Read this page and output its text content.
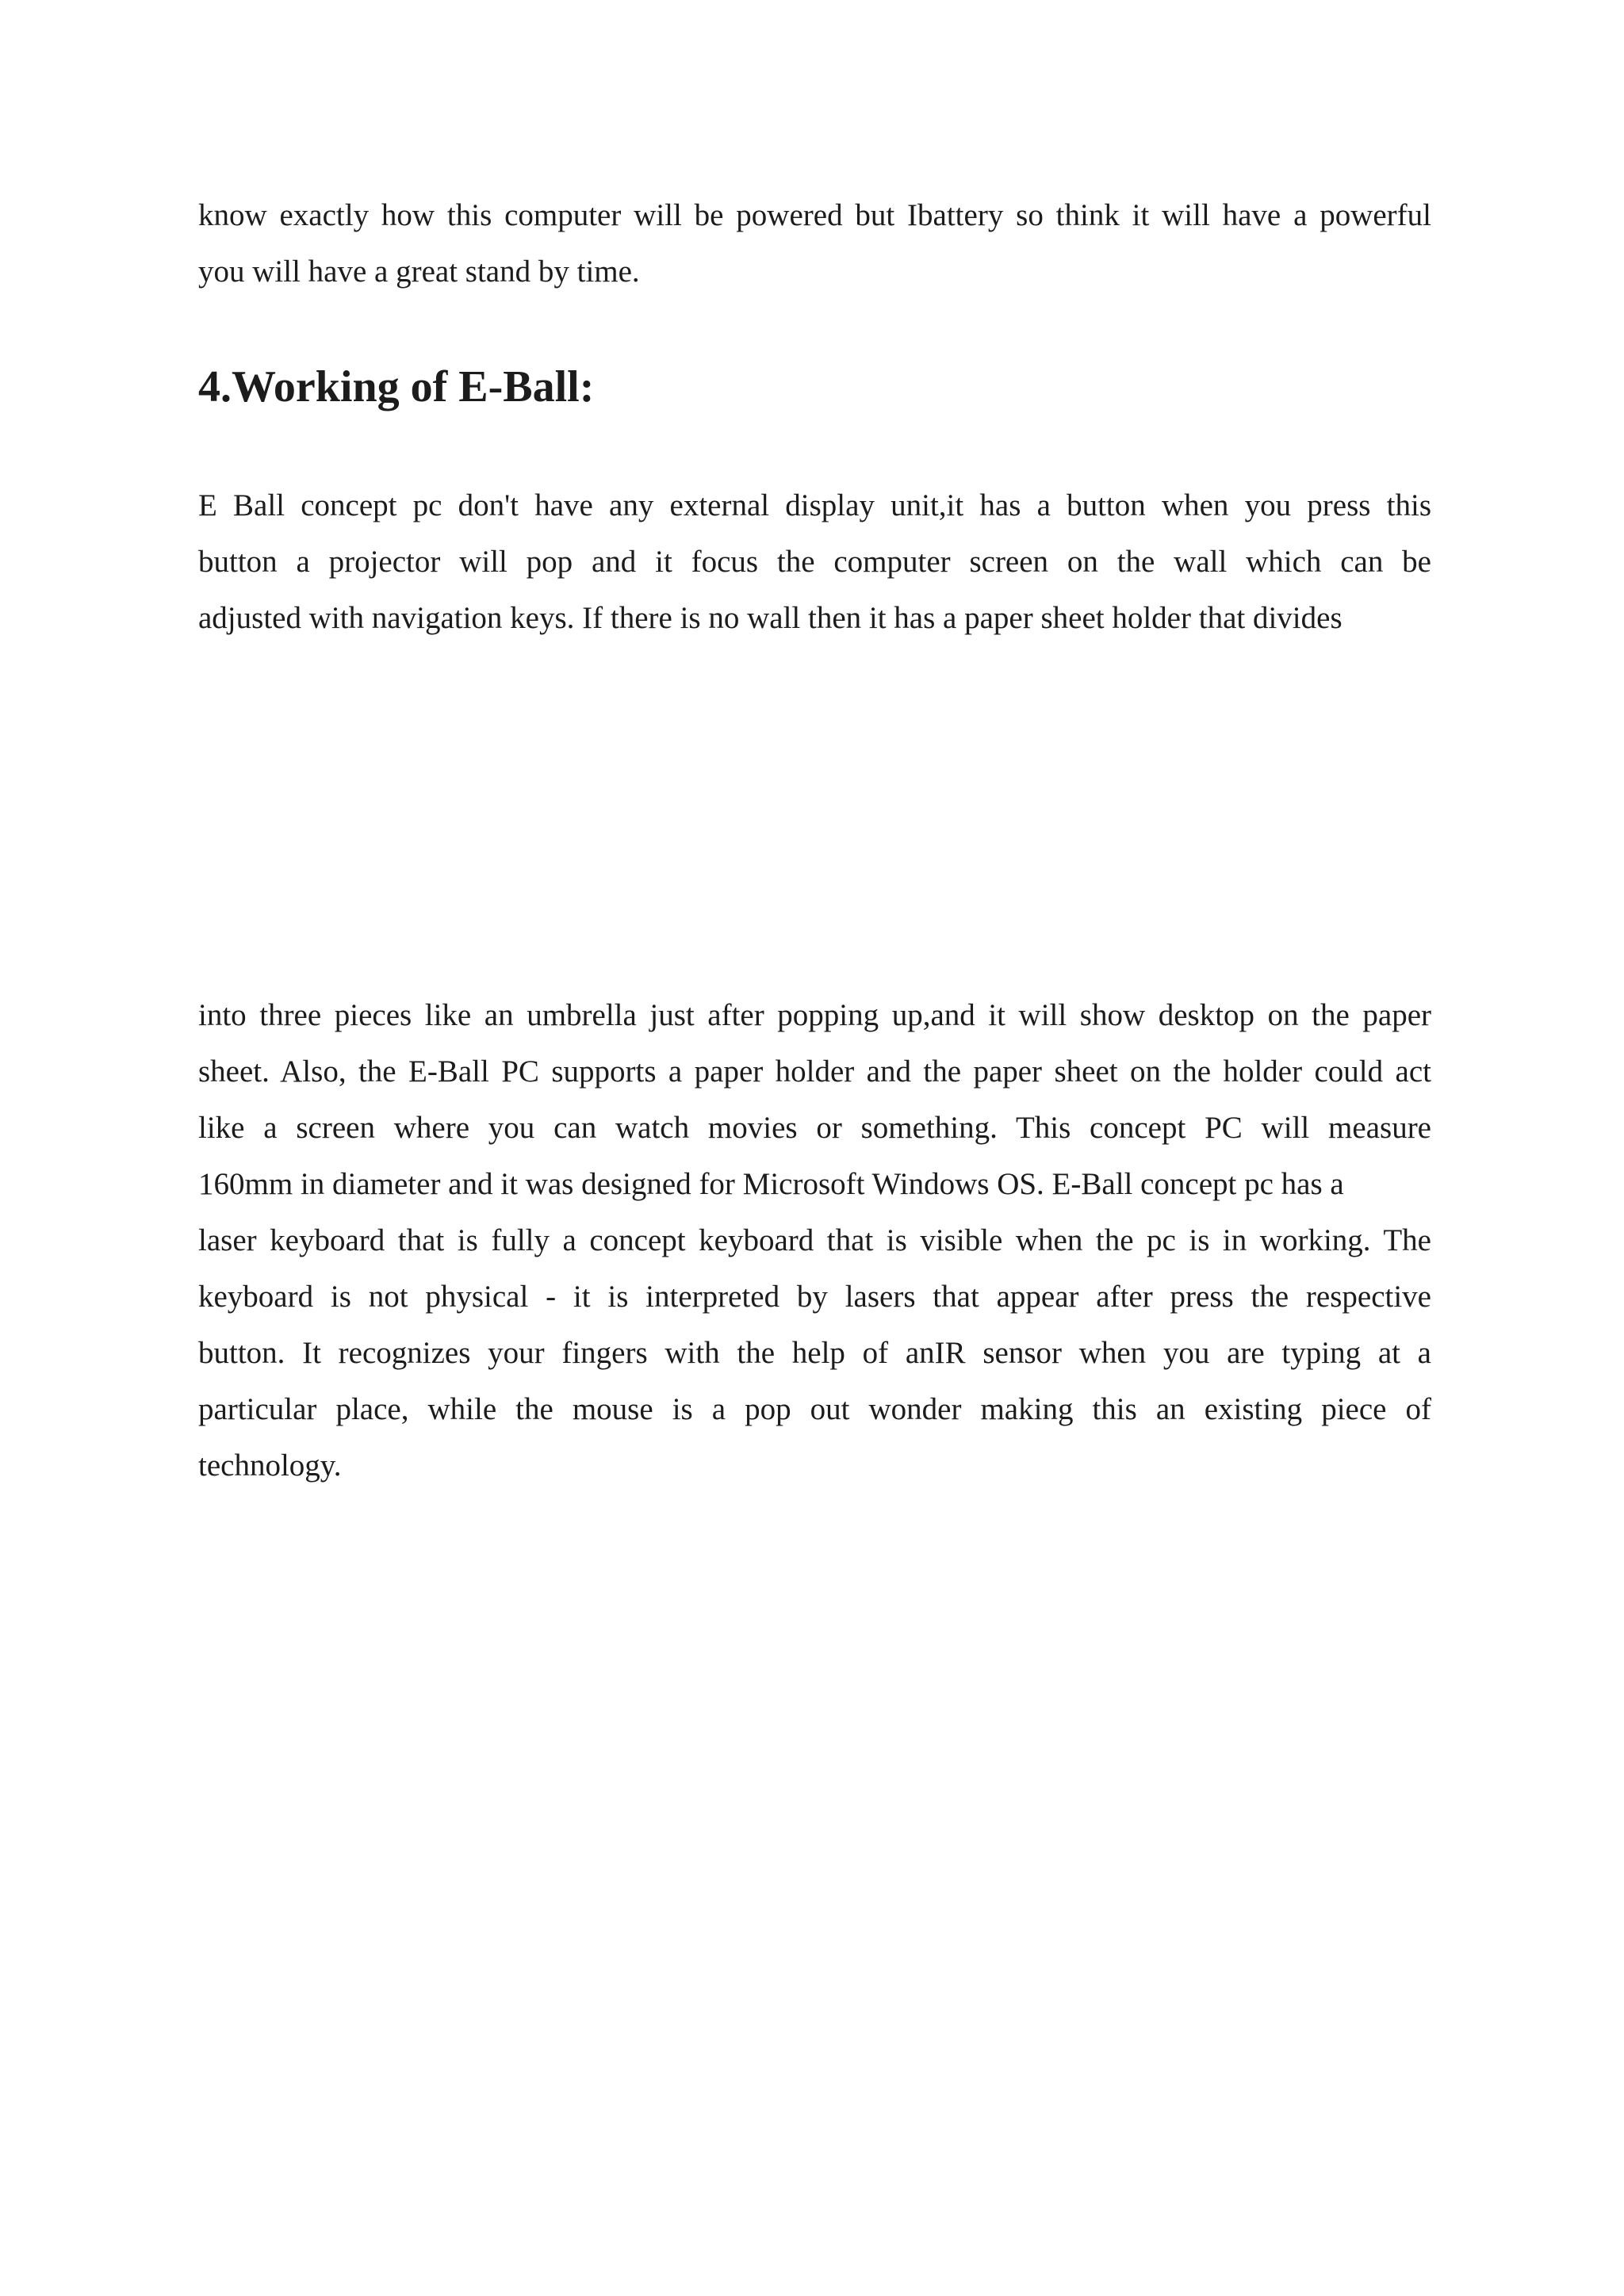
know exactly how this computer will be powered but Ibattery so think it will have a powerful
you will have a great stand by time.
4.Working of E-Ball:
E Ball concept pc don't have any external display unit,it has a button when you press this
button a projector will pop and it focus the computer screen on the wall which can be
adjusted with navigation keys. If there is no wall then it has a paper sheet holder that divides
into three pieces like an umbrella just after popping up,and it will show desktop on the paper
sheet. Also, the E-Ball PC supports a paper holder and the paper sheet on the holder could act
like a screen where you can watch movies or something. This concept PC will measure
160mm in diameter and it was designed for Microsoft Windows OS. E-Ball concept pc has a
laser keyboard that is fully a concept keyboard that is visible when the pc is in working. The
keyboard is not physical - it is interpreted by lasers that appear after press the respective
button. It recognizes your fingers with the help of anIR sensor when you are typing at a
particular place, while the mouse is a pop out wonder making this an existing piece of
technology.
